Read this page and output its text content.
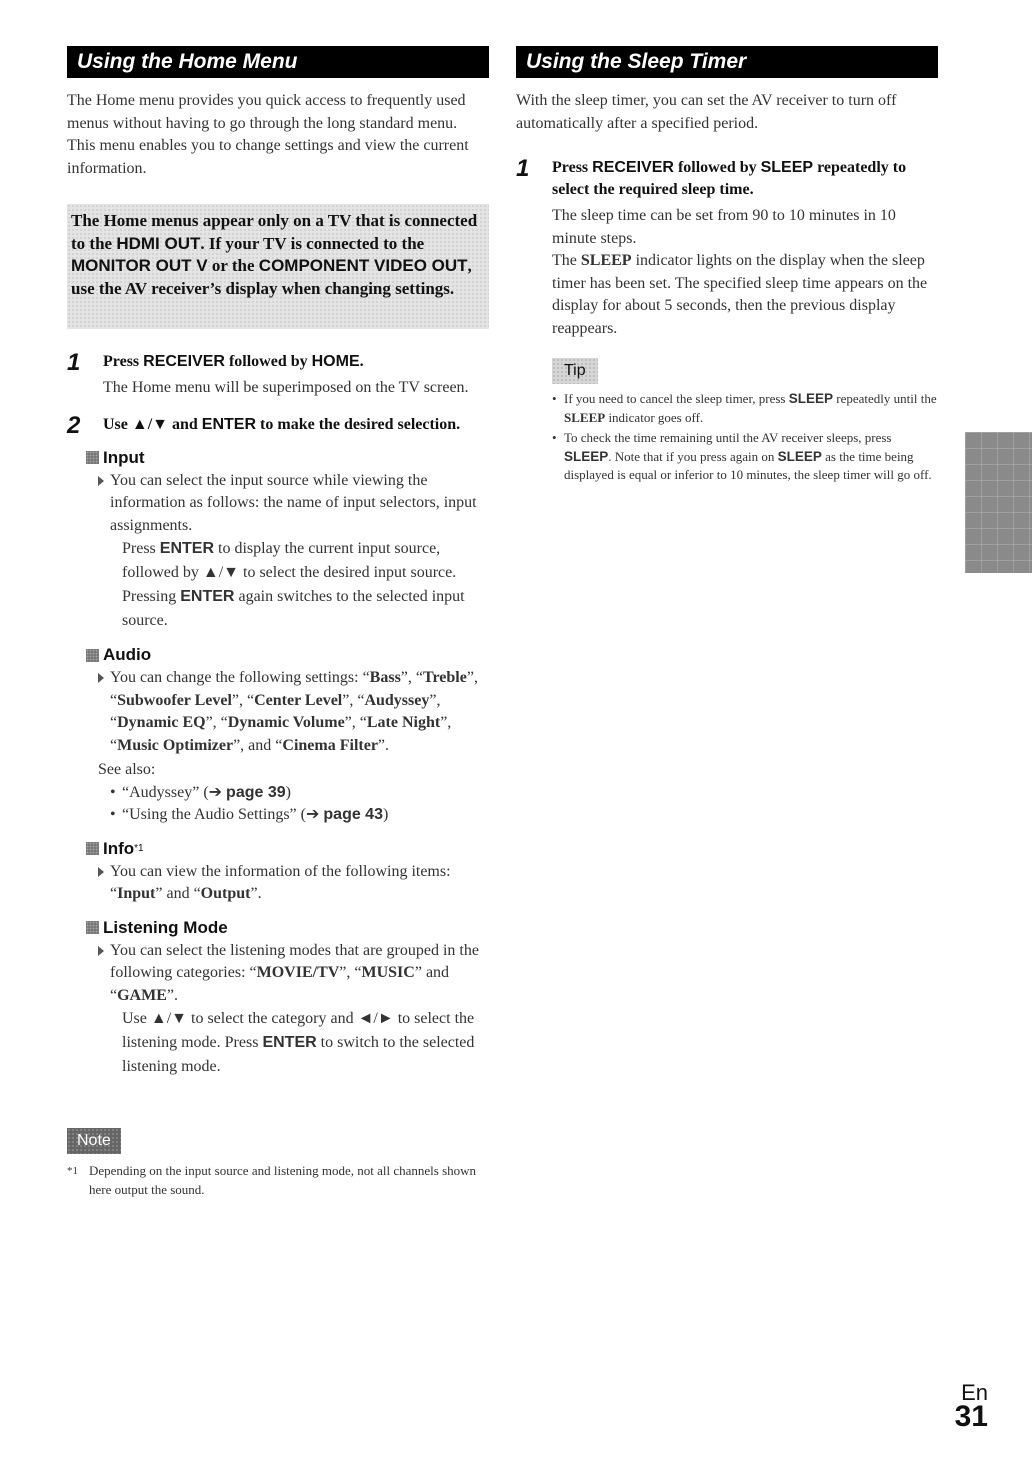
Using the Home Menu

The Home menu provides you quick access to frequently used menus without having to go through the long standard menu. This menu enables you to change settings and view the current information.

The Home menus appear only on a TV that is connected to the HDMI OUT. If your TV is connected to the MONITOR OUT V or the COMPONENT VIDEO OUT, use the AV receiver’s display when changing settings.
1 Press RECEIVER followed by HOME.
The Home menu will be superimposed on the TV screen.
2 Use ▲/▼ and ENTER to make the desired selection.
Input
You can select the input source while viewing the information as follows: the name of input selectors, input assignments.
Press ENTER to display the current input source, followed by ▲/▼ to select the desired input source. Pressing ENTER again switches to the selected input source.
Audio
You can change the following settings: “Bass”, “Treble”, “Subwoofer Level”, “Center Level”, “Audyssey”, “Dynamic EQ”, “Dynamic Volume”, “Late Night”, “Music Optimizer”, and “Cinema Filter”.
See also:
• “Audyssey” (➔ page 39)
• “Using the Audio Settings” (➔ page 43)
Info *1
You can view the information of the following items: “Input” and “Output”.
Listening Mode
You can select the listening modes that are grouped in the following categories: “MOVIE/TV”, “MUSIC” and “GAME”.
Use ▲/▼ to select the category and ◄/► to select the listening mode. Press ENTER to switch to the selected listening mode.
Note
*1 Depending on the input source and listening mode, not all channels shown here output the sound.
Using the Sleep Timer

With the sleep timer, you can set the AV receiver to turn off automatically after a specified period.

1 Press RECEIVER followed by SLEEP repeatedly to select the required sleep time.
The sleep time can be set from 90 to 10 minutes in 10 minute steps.
The SLEEP indicator lights on the display when the sleep timer has been set. The specified sleep time appears on the display for about 5 seconds, then the previous display reappears.
Tip
• If you need to cancel the sleep timer, press SLEEP repeatedly until the SLEEP indicator goes off.
• To check the time remaining until the AV receiver sleeps, press SLEEP. Note that if you press again on SLEEP as the time being displayed is equal or inferior to 10 minutes, the sleep timer will go off.
En
31
